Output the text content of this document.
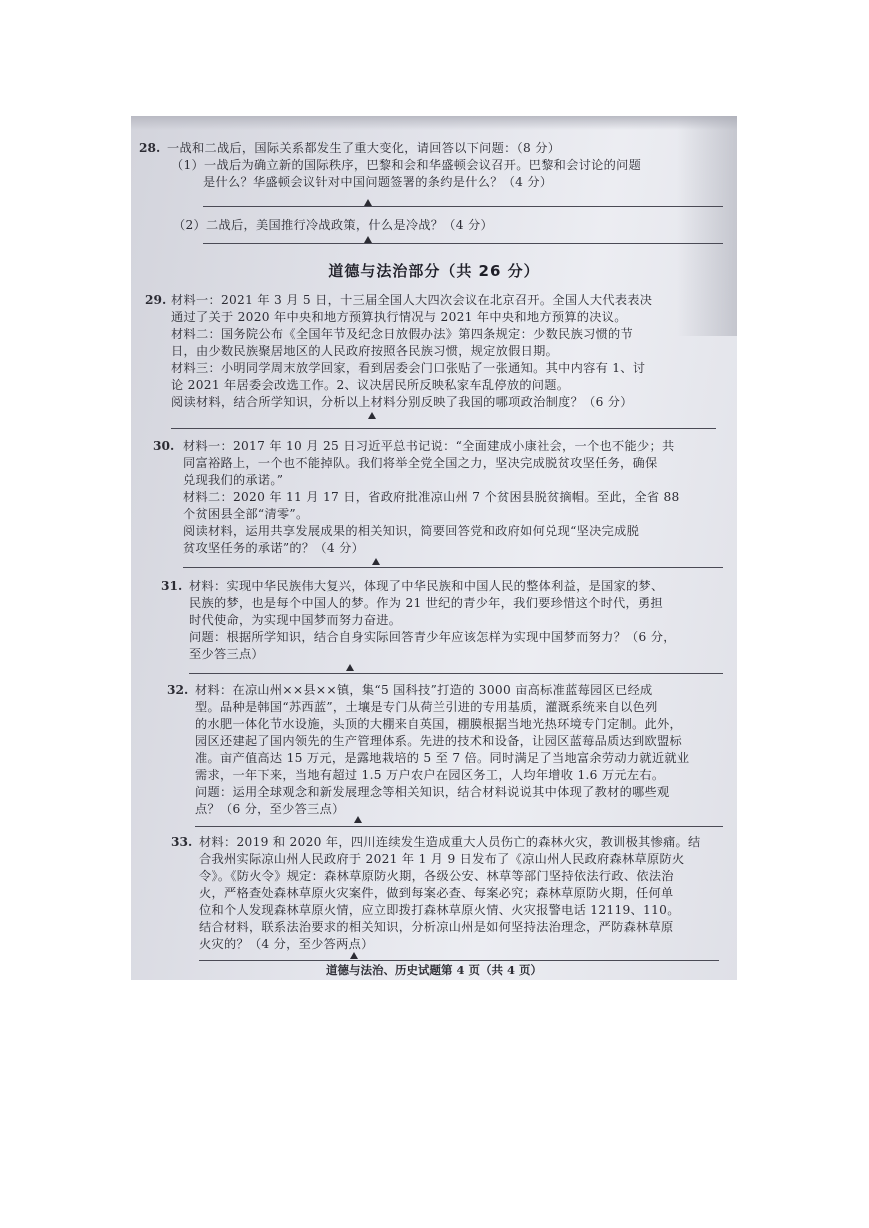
28. 一战和二战后，国际关系都发生了重大变化，请回答以下问题：（8 分）
（1）一战后为确立新的国际秩序，巴黎和会和华盛顿会议召开。巴黎和会讨论的问题
是什么？华盛顿会议针对中国问题签署的条约是什么？（4 分）
（2）二战后，美国推行冷战政策，什么是冷战？（4 分）
道德与法治部分（共 26 分）
29. 材料一：2021 年 3 月 5 日，十三届全国人大四次会议在北京召开。全国人大代表表决
通过了关于 2020 年中央和地方预算执行情况与 2021 年中央和地方预算的决议。
材料二：国务院公布《全国年节及纪念日放假办法》第四条规定：少数民族习惯的节
日，由少数民族聚居地区的人民政府按照各民族习惯，规定放假日期。
材料三：小明同学周末放学回家，看到居委会门口张贴了一张通知。其中内容有 1、讨
论 2021 年居委会改选工作。2、议决居民所反映私家车乱停放的问题。
阅读材料，结合所学知识，分析以上材料分别反映了我国的哪项政治制度？（6 分）
30. 材料一：2017 年 10 月 25 日习近平总书记说：“全面建成小康社会，一个也不能少；共
同富裕路上，一个也不能掉队。我们将举全党全国之力，坚决完成脱贫攻坚任务，确保
兑现我们的承诺。”
材料二：2020 年 11 月 17 日，省政府批准凉山州 7 个贫困县脱贫摘帽。至此，全省 88
个贫困县全部“清零”。
阅读材料，运用共享发展成果的相关知识，简要回答党和政府如何兑现“坚决完成脱
贫攻坚任务的承诺”的？（4 分）
31. 材料：实现中华民族伟大复兴，体现了中华民族和中国人民的整体利益，是国家的梦、
民族的梦，也是每个中国人的梦。作为 21 世纪的青少年，我们要珍惜这个时代，勇担
时代使命，为实现中国梦而努力奋进。
问题：根据所学知识，结合自身实际回答青少年应该怎样为实现中国梦而努力？（6 分，
至少答三点）
32. 材料：在凉山州××县××镇，集“5 国科技”打造的 3000 亩高标准蓝莓园区已经成
型。品种是韩国“苏西蓝”，土壤是专门从荷兰引进的专用基质，灌溉系统来自以色列
的水肥一体化节水设施，头顶的大棚来自英国，棚膜根据当地光热环境专门定制。此外，
园区还建起了国内领先的生产管理体系。先进的技术和设备，让园区蓝莓品质达到欧盟标
准。亩产值高达 15 万元，是露地栽培的 5 至 7 倍。同时满足了当地富余劳动力就近就业
需求，一年下来，当地有超过 1.5 万户农户在园区务工，人均年增收 1.6 万元左右。
问题：运用全球观念和新发展理念等相关知识，结合材料说说其中体现了教材的哪些观
点？（6 分，至少答三点）
33. 材料：2019 和 2020 年，四川连续发生造成重大人员伤亡的森林火灾，教训极其惨痛。结
合我州实际凉山州人民政府于 2021 年 1 月 9 日发布了《凉山州人民政府森林草原防火
令》。《防火令》规定：森林草原防火期，各级公安、林草等部门坚持依法行政、依法治
火，严格查处森林草原火灾案件，做到每案必查、每案必究；森林草原防火期，任何单
位和个人发现森林草原火情，应立即拨打森林草原火情、火灾报警电话 12119、110。
结合材料，联系法治要求的相关知识，分析凉山州是如何坚持法治理念，严防森林草原
火灾的？（4 分，至少答两点）
道德与法治、历史试题第 4 页（共 4 页）
